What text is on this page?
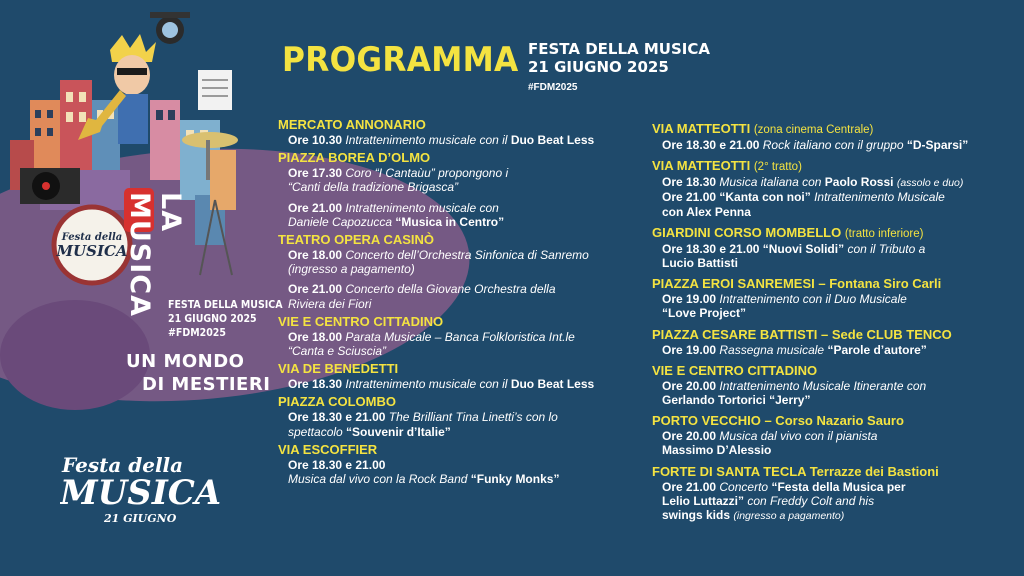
Festa della
MUSICA
LA MUSICA	FESTA DELLA MUSICA
21 GIUGNO 2025
#FDM2025
UN MONDO
DI MESTIERI
Festa della
MUSICA
21 GIUGNO
PROGRAMMA FESTA DELLA MUSICA
21 GIUGNO 2025
#FDM2025
MERCATO ANNONARIO
Ore 10.30 Intrattenimento musicale con il Duo Beat Less
PIAZZA BOREA D’OLMO
Ore 17.30 Coro “I Cantaùu” propongono i
“Canti della tradizione Brigasca”
Ore 21.00 Intrattenimento musicale con
Daniele Capozucca “Musica in Centro”
TEATRO OPERA CASINÒ
Ore 18.00 Concerto dell’Orchestra Sinfonica di Sanremo
(ingresso a pagamento)
Ore 21.00 Concerto della Giovane Orchestra della
Riviera dei Fiori
VIE E CENTRO CITTADINO
Ore 18.00 Parata Musicale – Banca Folkloristica Int.le
“Canta e Sciuscia”
VIA DE BENEDETTI
Ore 18.30 Intrattenimento musicale con il Duo Beat Less
PIAZZA COLOMBO
Ore 18.30 e 21.00 The Brilliant Tina Linetti’s con lo
spettacolo “Souvenir d’Italie”
VIA ESCOFFIER
Ore 18.30 e 21.00
Musica dal vivo con la Rock Band “Funky Monks”
VIA MATTEOTTI (zona cinema Centrale)
Ore 18.30 e 21.00 Rock italiano con il gruppo “D-Sparsi”
VIA MATTEOTTI (2° tratto)
Ore 18.30 Musica italiana con Paolo Rossi (assolo e duo)
Ore 21.00 “Kanta con noi” Intrattenimento Musicale
con Alex Penna
GIARDINI CORSO MOMBELLO (tratto inferiore)
Ore 18.30 e 21.00 “Nuovi Solidi” con il Tributo a
Lucio Battisti
PIAZZA EROI SANREMESI – Fontana Siro Carli
Ore 19.00 Intrattenimento con il Duo Musicale
“Love Project”
PIAZZA CESARE BATTISTI – Sede CLUB TENCO
Ore 19.00 Rassegna musicale “Parole d’autore”
VIE E CENTRO CITTADINO
Ore 20.00 Intrattenimento Musicale Itinerante con
Gerlando Tortorici “Jerry”
PORTO VECCHIO – Corso Nazario Sauro
Ore 20.00 Musica dal vivo con il pianista
Massimo D’Alessio
FORTE DI SANTA TECLA Terrazze dei Bastioni
Ore 21.00 Concerto “Festa della Musica per
Lelio Luttazzi” con Freddy Colt and his
swings kids (ingresso a pagamento)
